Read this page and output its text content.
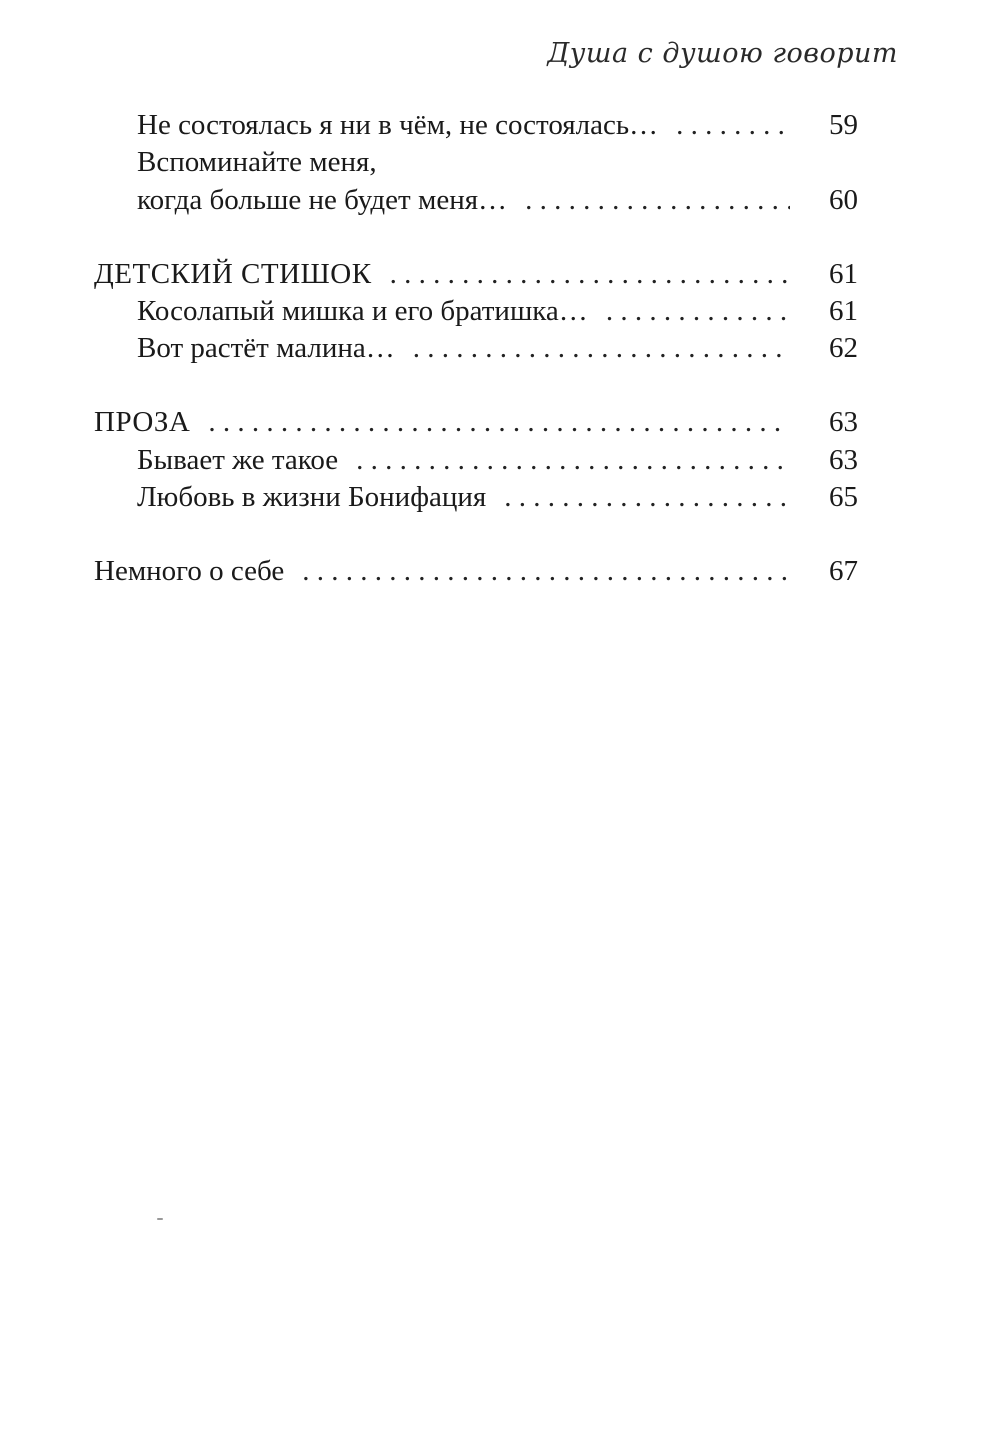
Душа с душою говорит
Не состоялась я ни в чём, не состоялась… . . .	59
Вспоминайте меня,
когда больше не будет меня… . . .	60
ДЕТСКИЙ СТИШОК . . .	61
Косолапый мишка и его братишка… . . .	61
Вот растёт малина… . . .	62
ПРОЗА . . .	63
Бывает же такое . . .	63
Любовь в жизни Бонифация . . .	65
Немного о себе . . .	67
